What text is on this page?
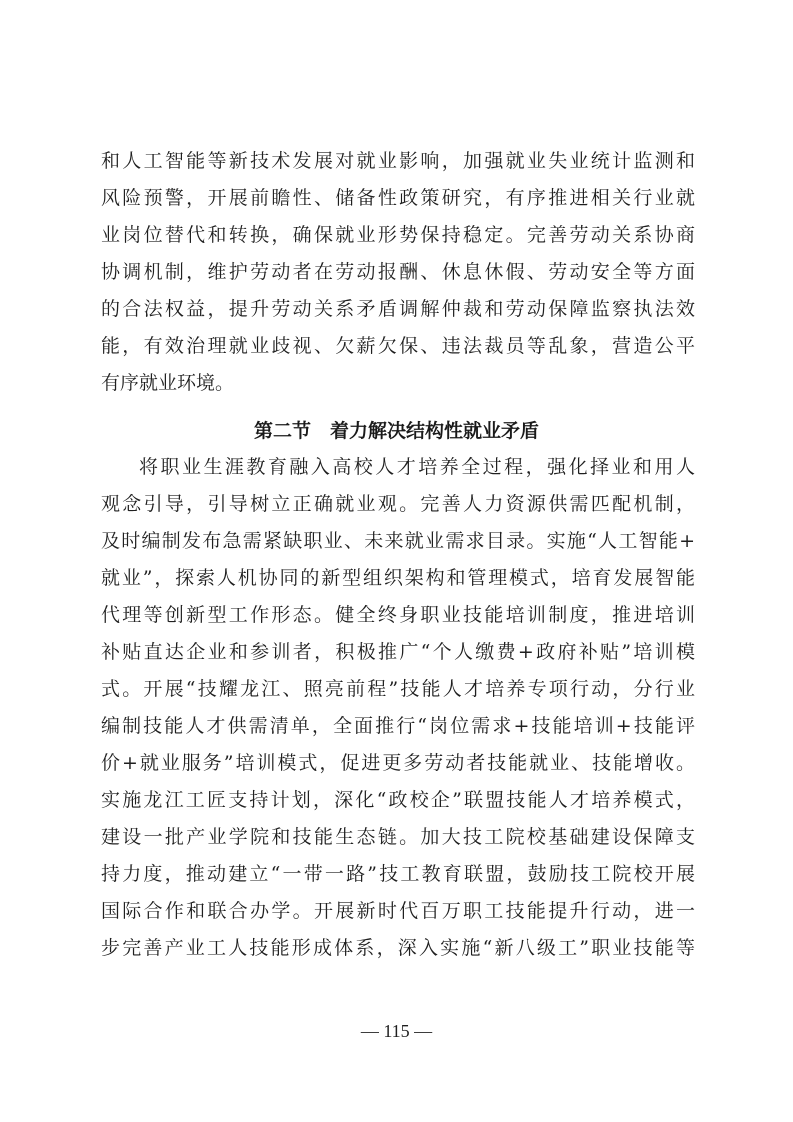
和人工智能等新技术发展对就业影响，加强就业失业统计监测和
风险预警，开展前瞻性、储备性政策研究，有序推进相关行业就
业岗位替代和转换，确保就业形势保持稳定。完善劳动关系协商
协调机制，维护劳动者在劳动报酬、休息休假、劳动安全等方面
的合法权益，提升劳动关系矛盾调解仲裁和劳动保障监察执法效
能，有效治理就业歧视、欠薪欠保、违法裁员等乱象，营造公平
有序就业环境。
第二节　着力解决结构性就业矛盾
将职业生涯教育融入高校人才培养全过程，强化择业和用人
观念引导，引导树立正确就业观。完善人力资源供需匹配机制，
及时编制发布急需紧缺职业、未来就业需求目录。实施“人工智能+
就业”，探索人机协同的新型组织架构和管理模式，培育发展智能
代理等创新型工作形态。健全终身职业技能培训制度，推进培训
补贴直达企业和参训者，积极推广“个人缴费+政府补贴”培训模
式。开展“技耀龙江、照亮前程”技能人才培养专项行动，分行业
编制技能人才供需清单，全面推行“岗位需求+技能培训+技能评
价+就业服务”培训模式，促进更多劳动者技能就业、技能增收。
实施龙江工匠支持计划，深化“政校企”联盟技能人才培养模式，
建设一批产业学院和技能生态链。加大技工院校基础建设保障支
持力度，推动建立“一带一路”技工教育联盟，鼓励技工院校开展
国际合作和联合办学。开展新时代百万职工技能提升行动，进一
步完善产业工人技能形成体系，深入实施“新八级工”职业技能等
— 115 —
